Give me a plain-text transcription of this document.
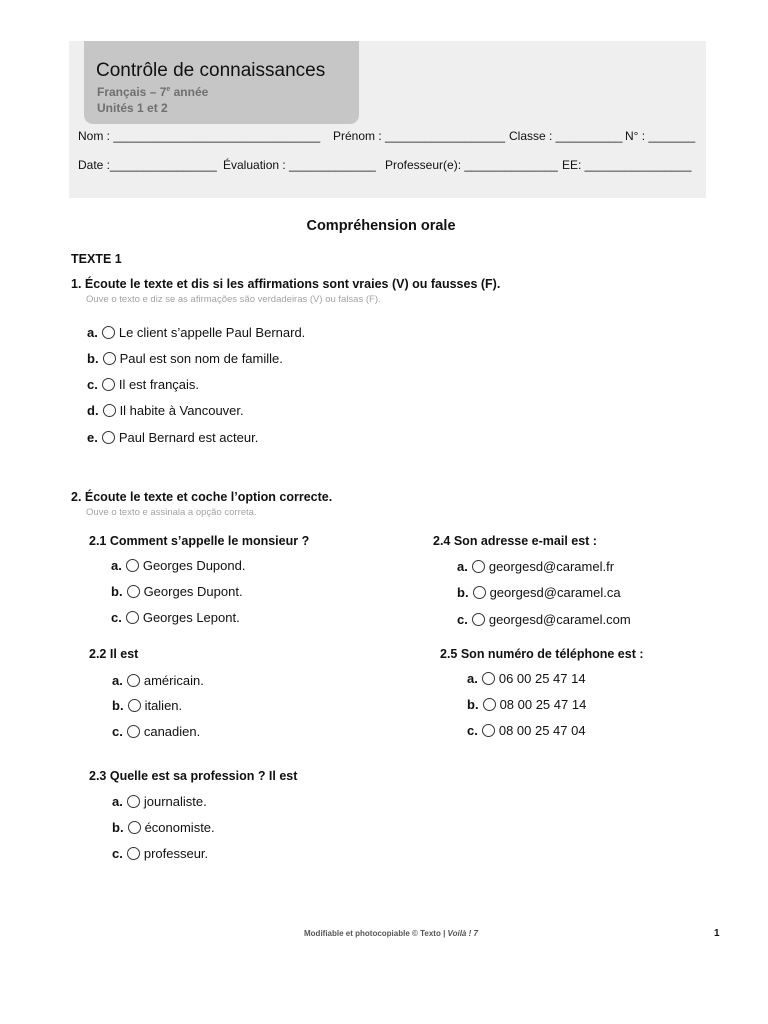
Contrôle de connaissances
Français – 7e année
Unités 1 et 2
Nom : _______________________________ Prénom : __________________ Classe : __________ N° : _______
Date :________________ Évaluation : _____________ Professeur(e): ______________ EE: ________________
Compréhension orale
TEXTE 1
1. Écoute le texte et dis si les affirmations sont vraies (V) ou fausses (F).
Ouve o texto e diz se as afirmações são verdadeiras (V) ou falsas (F).
a. Le client s’appelle Paul Bernard.
b. Paul est son nom de famille.
c. Il est français.
d. Il habite à Vancouver.
e. Paul Bernard est acteur.
2. Écoute le texte et coche l’option correcte.
Ouve o texto e assinala a opção correta.
2.1 Comment s’appelle le monsieur ?
a. Georges Dupond.
b. Georges Dupont.
c. Georges Lepont.
2.2 Il est
a. américain.
b. italien.
c. canadien.
2.3 Quelle est sa profession ? Il est
a. journaliste.
b. économiste.
c. professeur.
2.4 Son adresse e-mail est :
a. georgesd@caramel.fr
b. georgesd@caramel.ca
c. georgesd@caramel.com
2.5 Son numéro de téléphone est :
a. 06 00 25 47 14
b. 08 00 25 47 14
c. 08 00 25 47 04
Modifiable et photocopiable © Texto | Voilà ! 7	1
